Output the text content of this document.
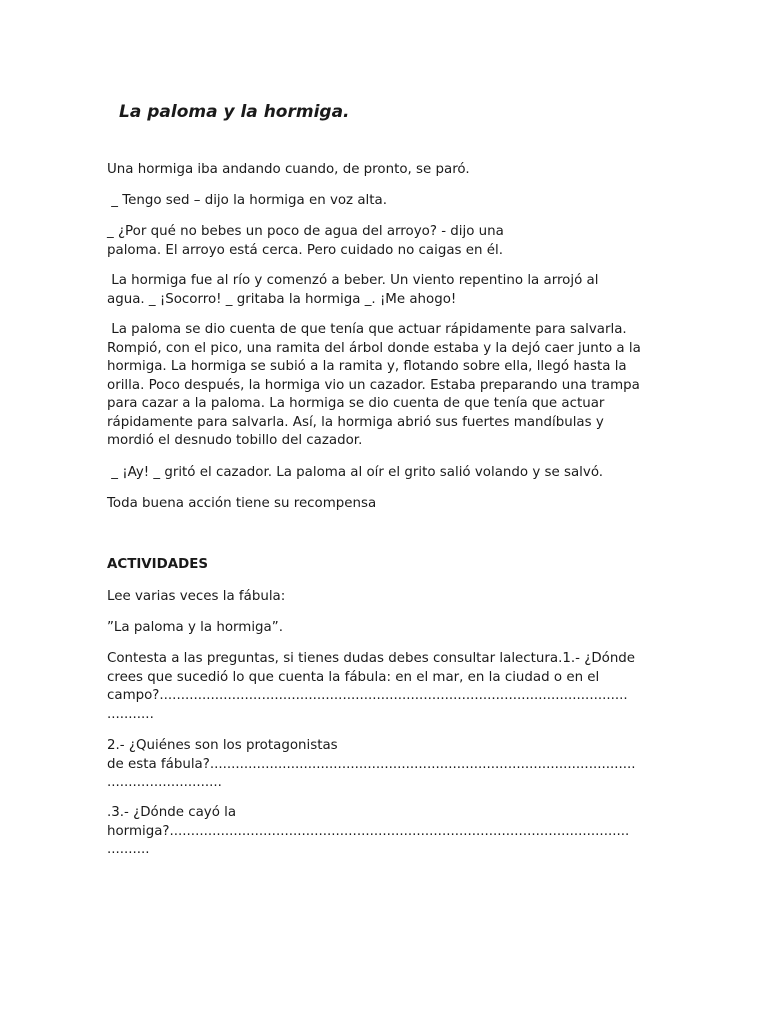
La paloma y la hormiga.

Una hormiga iba andando cuando, de pronto, se paró.

_ Tengo sed – dijo la hormiga en voz alta.

_ ¿Por qué no bebes un poco de agua del arroyo? - dijo una
paloma. El arroyo está cerca. Pero cuidado no caigas en él.

La hormiga fue al río y comenzó a beber. Un viento repentino la arrojó al
agua. _ ¡Socorro! _ gritaba la hormiga _. ¡Me ahogo!

La paloma se dio cuenta de que tenía que actuar rápidamente para salvarla.
Rompió, con el pico, una ramita del árbol donde estaba y la dejó caer junto a la
hormiga. La hormiga se subió a la ramita y, flotando sobre ella, llegó hasta la
orilla. Poco después, la hormiga vio un cazador. Estaba preparando una trampa
para cazar a la paloma. La hormiga se dio cuenta de que tenía que actuar
rápidamente para salvarla. Así, la hormiga abrió sus fuertes mandíbulas y
mordió el desnudo tobillo del cazador.

_ ¡Ay! _ gritó el cazador. La paloma al oír el grito salió volando y se salvó.

Toda buena acción tiene su recompensa

ACTIVIDADES

Lee varias veces la fábula:

”La paloma y la hormiga”.

Contesta a las preguntas, si tienes dudas debes consultar lalectura.1.- ¿Dónde
crees que sucedió lo que cuenta la fábula: en el mar, en la ciudad o en el
campo?..............................................................................................................
...........

2.- ¿Quiénes son los protagonistas
de esta fábula?....................................................................................................
...........................

.3.- ¿Dónde cayó la
hormiga?............................................................................................................
..........
